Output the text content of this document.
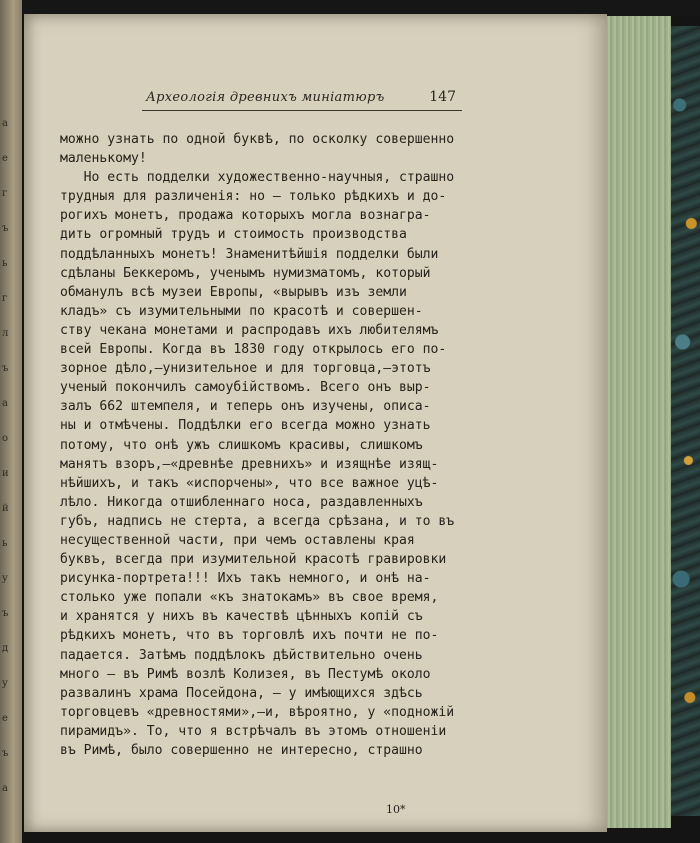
а
е
г
ъ
ь
г
л
ъ
а
о
и
й
ь
у
ъ
д
у
е
ъ
а
Археологія древнихъ миніатюръ	147
можно узнать по одной буквѣ, по осколку совершенно
маленькому!
Но есть подделки художественно-научныя, страшно
трудныя для различенія: но — только рѣдкихъ и до-
рогихъ монетъ, продажа которыхъ могла вознагра-
дить огромный трудъ и стоимость производства
поддѣланныхъ монетъ! Знаменитѣйшія подделки были
сдѣланы Беккеромъ, ученымъ нумизматомъ, который
обманулъ всѣ музеи Европы, «вырывъ изъ земли
кладъ» съ изумительными по красотѣ и совершен-
ству чекана монетами и распродавъ ихъ любителямъ
всей Европы. Когда въ 1830 году открылось его по-
зорное дѣло,—унизительное и для торговца,—этотъ
ученый покончилъ самоубійствомъ. Всего онъ выр-
залъ 662 штемпеля, и теперь онъ изучены, описа-
ны и отмѣчены. Поддѣлки его всегда можно узнать
потому, что онѣ ужъ слишкомъ красивы, слишкомъ
манятъ взоръ,—«древнѣе древнихъ» и изящнѣе изящ-
нѣйшихъ, и такъ «испорчены», что все важное уцѣ-
лѣло. Никогда отшибленнаго носа, раздавленныхъ
губъ, надпись не стерта, а всегда срѣзана, и то въ
несущественной части, при чемъ оставлены края
буквъ, всегда при изумительной красотѣ гравировки
рисунка-портрета!!! Ихъ такъ немного, и онѣ на-
столько уже попали «къ знатокамъ» въ свое время,
и хранятся у нихъ въ качествѣ цѣнныхъ копій съ
рѣдкихъ монетъ, что въ торговлѣ ихъ почти не по-
падается. Затѣмъ поддѣлокъ дѣйствительно очень
много — въ Римѣ возлѣ Колизея, въ Пестумѣ около
развалинъ храма Посейдона, — у имѣющихся здѣсь
торговцевъ «древностями»,—и, вѣроятно, у «подножій
пирамидъ». То, что я встрѣчалъ въ этомъ отношеніи
въ Римѣ, было совершенно не интересно, страшно
10*
